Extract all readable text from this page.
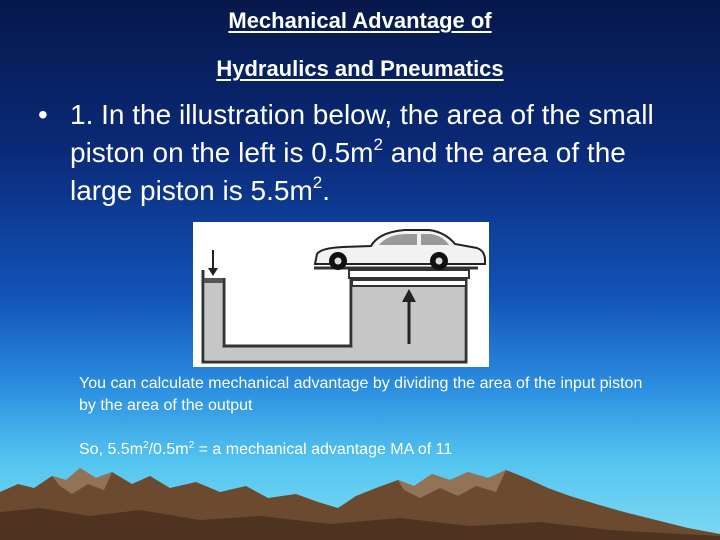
Mechanical Advantage of
Hydraulics and Pneumatics
• 1. In the illustration below, the area of the small piston on the left is $0.5m^2$ and the area of the large piston is $5.5m^2$.
You can calculate mechanical advantage by dividing the area of the input piston by the area of the output
So, $5.5m^2/0.5m^2 = a$ mechanical advantage MA of 11
